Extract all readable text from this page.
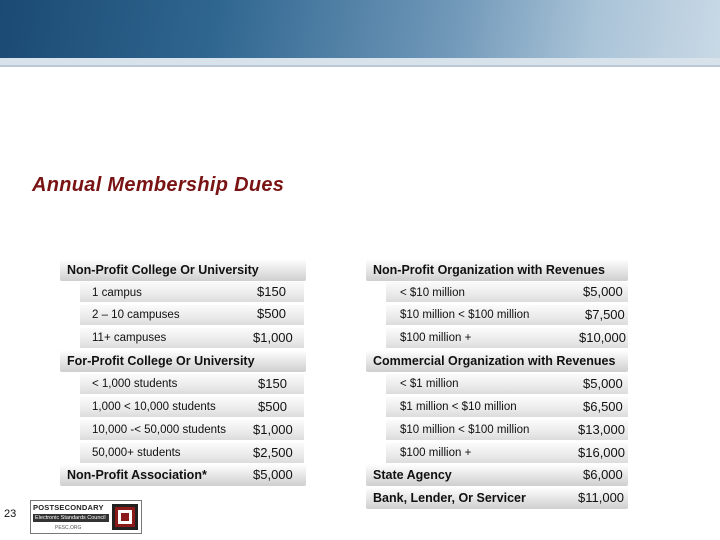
Annual Membership Dues
Non-Profit College Or University
1 campus	$150
2 – 10 campuses	$500
11+ campuses	$1,000
For-Profit College Or University
< 1,000 students	$150
1,000 < 10,000 students	$500
10,000 -< 50,000 students $1,000
50,000+ students	$2,500
Non-Profit Association*	$5,000
Non-Profit Organization with Revenues
< $10 million	$5,000
$10 million < $100 million	$7,500
$100 million +	$10,000
Commercial Organization with Revenues
< $1 million	$5,000
$1 million < $10 million	$6,500
$10 million < $100 million	$13,000
$100 million +	$16,000
State Agency	$6,000
Bank, Lender, Or Servicer	$11,000
23
POSTSECONDARY
Electronic Standards Council
PESC.ORG
